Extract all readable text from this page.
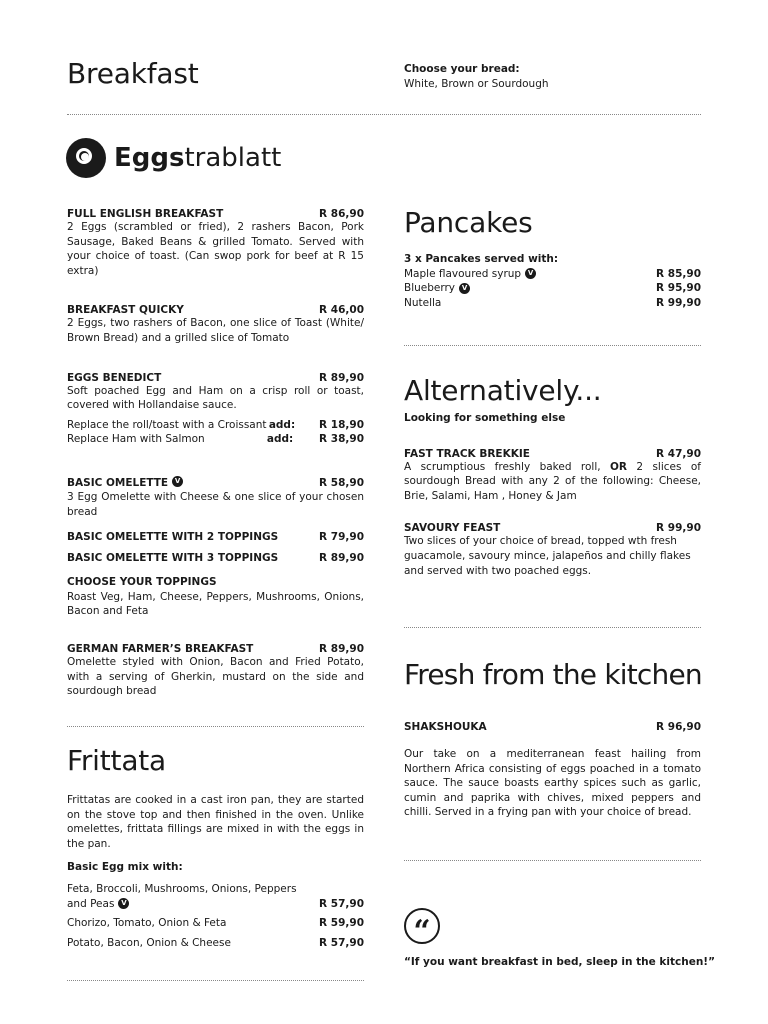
Breakfast	Choose your bread:
White, Brown or Sourdough
Eggstrablatt
FULL ENGLISH BREAKFAST	R 86,90
2 Eggs (scrambled or fried), 2 rashers Bacon, Pork Sausage, Baked Beans & grilled Tomato. Served with your choice of toast. (Can swop pork for beef at R 15 extra)
BREAKFAST QUICKY	R 46,00
2 Eggs, two rashers of Bacon, one slice of Toast (White/ Brown Bread) and a grilled slice of Tomato
EGGS BENEDICT	R 89,90
Soft poached Egg and Ham on a crisp roll or toast, covered with Hollandaise sauce.
Replace the roll/toast with a Croissant add:	R 18,90
Replace Ham with Salmon	add:	R 38,90
BASIC OMELETTE V	R 58,90
3 Egg Omelette with Cheese & one slice of your chosen bread
BASIC OMELETTE WITH 2 TOPPINGS	R 79,90
BASIC OMELETTE WITH 3 TOPPINGS	R 89,90
CHOOSE YOUR TOPPINGS
Roast Veg, Ham, Cheese, Peppers, Mushrooms, Onions, Bacon and Feta
GERMAN FARMER’S BREAKFAST	R 89,90
Omelette styled with Onion, Bacon and Fried Potato, with a serving of Gherkin, mustard on the side and sourdough bread
Frittata
Frittatas are cooked in a cast iron pan, they are started on the stove top and then finished in the oven. Unlike omelettes, frittata fillings are mixed in with the eggs in the pan.
Basic Egg mix with:
Feta, Broccoli, Mushrooms, Onions, Peppers
and Peas V	R 57,90
Chorizo, Tomato, Onion & Feta	R 59,90
Potato, Bacon, Onion & Cheese	R 57,90
Pancakes
3 x Pancakes served with:
Maple flavoured syrup V	R 85,90
Blueberry V	R 95,90
Nutella	R 99,90
Alternatively...
Looking for something else
FAST TRACK BREKKIE	R 47,90
A scrumptious freshly baked roll, OR 2 slices of sourdough Bread with any 2 of the following: Cheese, Brie, Salami, Ham , Honey & Jam
SAVOURY FEAST	R 99,90
Two slices of your choice of bread, topped wth fresh guacamole, savoury mince, jalapeños and chilly flakes and served with two poached eggs.
Fresh from the kitchen
SHAKSHOUKA	R 96,90
Our take on a mediterranean feast hailing from Northern Africa consisting of eggs poached in a tomato sauce. The sauce boasts earthy spices such as garlic, cumin and paprika with chives, mixed peppers and chilli. Served in a frying pan with your choice of bread.
“
“If you want breakfast in bed, sleep in the kitchen!”
